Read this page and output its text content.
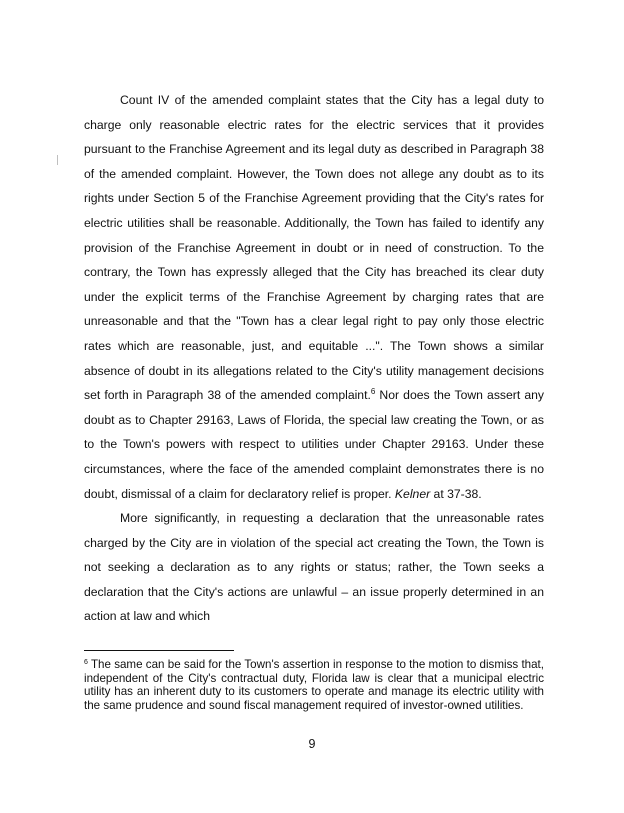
Count IV of the amended complaint states that the City has a legal duty to charge only reasonable electric rates for the electric services that it provides pursuant to the Franchise Agreement and its legal duty as described in Paragraph 38 of the amended complaint. However, the Town does not allege any doubt as to its rights under Section 5 of the Franchise Agreement providing that the City's rates for electric utilities shall be reasonable. Additionally, the Town has failed to identify any provision of the Franchise Agreement in doubt or in need of construction. To the contrary, the Town has expressly alleged that the City has breached its clear duty under the explicit terms of the Franchise Agreement by charging rates that are unreasonable and that the "Town has a clear legal right to pay only those electric rates which are reasonable, just, and equitable ...". The Town shows a similar absence of doubt in its allegations related to the City's utility management decisions set forth in Paragraph 38 of the amended complaint.$^6$ Nor does the Town assert any doubt as to Chapter 29163, Laws of Florida, the special law creating the Town, or as to the Town's powers with respect to utilities under Chapter 29163. Under these circumstances, where the face of the amended complaint demonstrates there is no doubt, dismissal of a claim for declaratory relief is proper. Kelner at 37-38.

More significantly, in requesting a declaration that the unreasonable rates charged by the City are in violation of the special act creating the Town, the Town is not seeking a declaration as to any rights or status; rather, the Town seeks a declaration that the City's actions are unlawful – an issue properly determined in an action at law and which

$^6$ The same can be said for the Town's assertion in response to the motion to dismiss that, independent of the City's contractual duty, Florida law is clear that a municipal electric utility has an inherent duty to its customers to operate and manage its electric utility with the same prudence and sound fiscal management required of investor-owned utilities.
9
